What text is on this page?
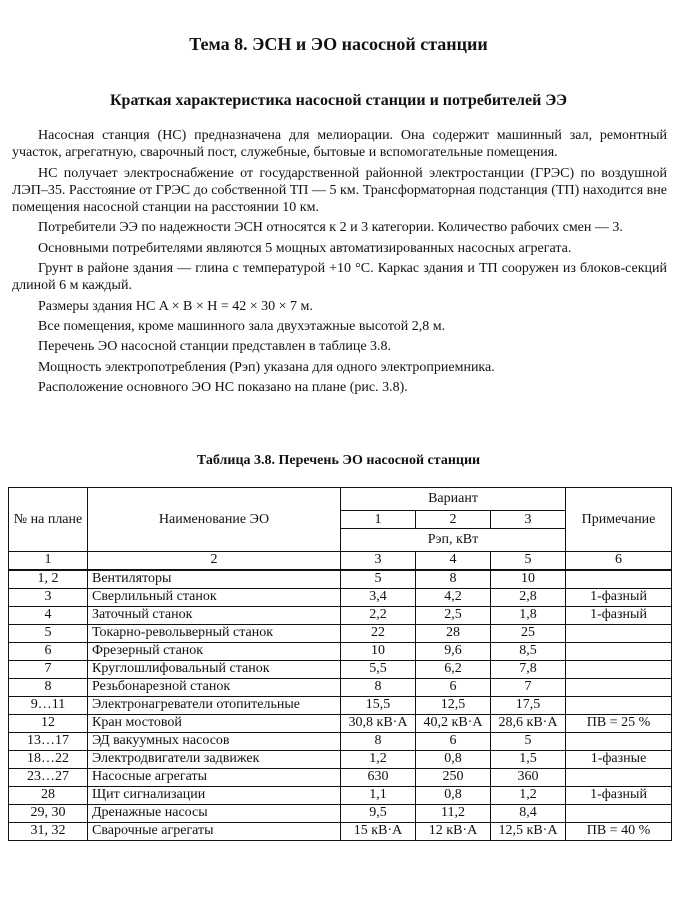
Тема 8. ЭСН и ЭО насосной станции
Краткая характеристика насосной станции и потребителей ЭЭ

Насосная станция (НС) предназначена для мелиорации. Она содержит машинный зал, ремонтный участок, агрегатную, сварочный пост, служебные, бытовые и вспомогательные помещения.

НС получает электроснабжение от государственной районной электростанции (ГРЭС) по воздушной ЛЭП–35. Расстояние от ГРЭС до собственной ТП — 5 км. Трансформаторная подстанция (ТП) находится вне помещения насосной станции на расстоянии 10 км.

Потребители ЭЭ по надежности ЭСН относятся к 2 и 3 категории. Количество рабочих смен — 3.

Основными потребителями являются 5 мощных автоматизированных насосных агрегата.

Грунт в районе здания — глина с температурой +10 °С. Каркас здания и ТП сооружен из блоков-секций длиной 6 м каждый.

Размеры здания НС A × B × H = 42 × 30 × 7 м.

Все помещения, кроме машинного зала двухэтажные высотой 2,8 м.

Перечень ЭО насосной станции представлен в таблице 3.8.

Мощность электропотребления (Pэп) указана для одного электроприемника.

Расположение основного ЭО НС показано на плане (рис. 3.8).

Таблица 3.8. Перечень ЭО насосной станции
№ на плане	Наименование ЭО	Вариант			Примечание
		1	2	3	
		Pэп, кВт			
1	2	3	4	5	6
1, 2	Вентиляторы	5	8	10	
3	Сверлильный станок	3,4	4,2	2,8	1-фазный
4	Заточный станок	2,2	2,5	1,8	1-фазный
5	Токарно-револьверный станок	22	28	25	
6	Фрезерный станок	10	9,6	8,5	
7	Круглошлифовальный станок	5,5	6,2	7,8	
8	Резьбонарезной станок	8	6	7	
9…11	Электронагреватели отопительные	15,5	12,5	17,5	
12	Кран мостовой	30,8 кВ·А	40,2 кВ·А	28,6 кВ·А	ПВ = 25 %
13…17	ЭД вакуумных насосов	8	6	5	
18…22	Электродвигатели задвижек	1,2	0,8	1,5	1-фазные
23…27	Насосные агрегаты	630	250	360	
28	Щит сигнализации	1,1	0,8	1,2	1-фазный
29, 30	Дренажные насосы	9,5	11,2	8,4	
31, 32	Сварочные агрегаты	15 кВ·А	12 кВ·А	12,5 кВ·А	ПВ = 40 %
